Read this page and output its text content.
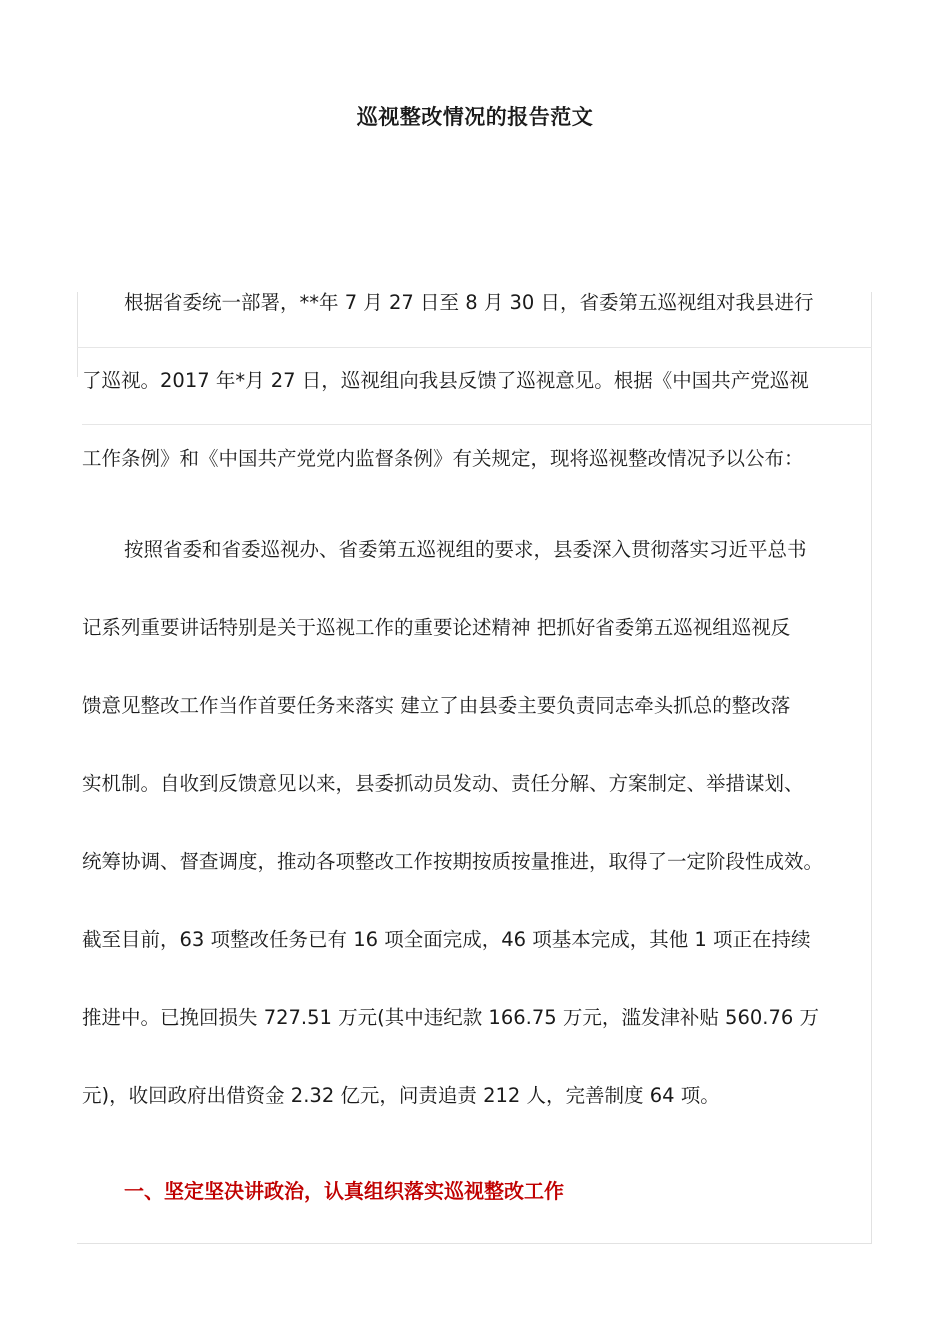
巡视整改情况的报告范文
根据省委统一部署，**年 7 月 27 日至 8 月 30 日，省委第五巡视组对我县进行
了巡视。2017 年*月 27 日，巡视组向我县反馈了巡视意见。根据《中国共产党巡视
工作条例》和《中国共产党党内监督条例》有关规定，现将巡视整改情况予以公布：
按照省委和省委巡视办、省委第五巡视组的要求，县委深入贯彻落实习近平总书
记系列重要讲话特别是关于巡视工作的重要论述精神 把抓好省委第五巡视组巡视反
馈意见整改工作当作首要任务来落实 建立了由县委主要负责同志牵头抓总的整改落
实机制。自收到反馈意见以来，县委抓动员发动、责任分解、方案制定、举措谋划、
统筹协调、督查调度，推动各项整改工作按期按质按量推进，取得了一定阶段性成效。
截至目前，63 项整改任务已有 16 项全面完成，46 项基本完成，其他 1 项正在持续
推进中。已挽回损失 727.51 万元(其中违纪款 166.75 万元，滥发津补贴 560.76 万
元)，收回政府出借资金 2.32 亿元，问责追责 212 人，完善制度 64 项。
一、坚定坚决讲政治，认真组织落实巡视整改工作
